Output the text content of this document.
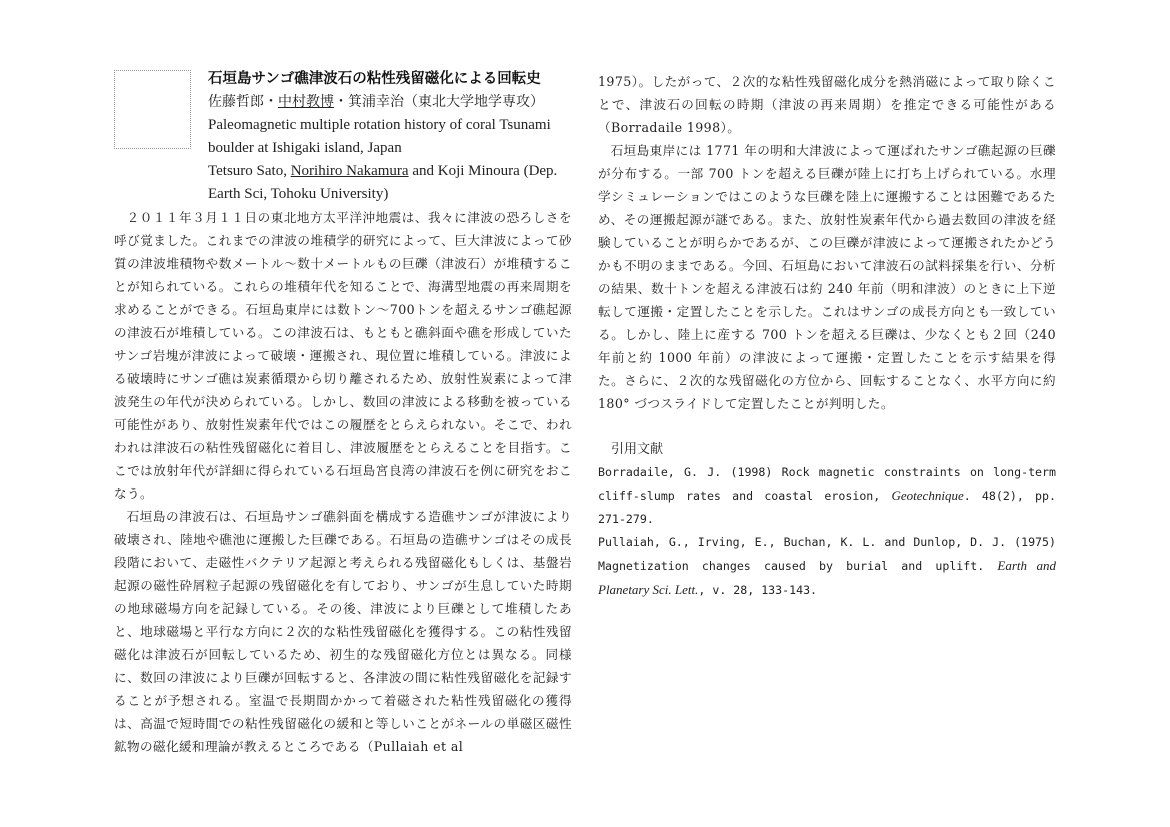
石垣島サンゴ礁津波石の粘性残留磁化による回転史

佐藤哲郎・中村教博・箕浦幸治（東北大学地学専攻）

Paleomagnetic multiple rotation history of coral Tsunami boulder at Ishigaki island, Japan

Tetsuro Sato, Norihiro Nakamura and Koji Minoura (Dep. Earth Sci, Tohoku University)

２０１１年３月１１日の東北地方太平洋沖地震は、我々に津波の恐ろしさを呼び覚ました。これまでの津波の堆積学的研究によって、巨大津波によって砂質の津波堆積物や数メートル〜数十メートルもの巨礫（津波石）が堆積することが知られている。これらの堆積年代を知ることで、海溝型地震の再来周期を求めることができる。石垣島東岸には数トン〜700トンを超えるサンゴ礁起源の津波石が堆積している。この津波石は、もともと礁斜面や礁を形成していたサンゴ岩塊が津波によって破壊・運搬され、現位置に堆積している。津波による破壊時にサンゴ礁は炭素循環から切り離されるため、放射性炭素によって津波発生の年代が決められている。しかし、数回の津波による移動を被っている可能性があり、放射性炭素年代ではこの履歴をとらえられない。そこで、われわれは津波石の粘性残留磁化に着目し、津波履歴をとらえることを目指す。ここでは放射年代が詳細に得られている石垣島宮良湾の津波石を例に研究をおこなう。

石垣島の津波石は、石垣島サンゴ礁斜面を構成する造礁サンゴが津波により破壊され、陸地や礁池に運搬した巨礫である。石垣島の造礁サンゴはその成長段階において、走磁性バクテリア起源と考えられる残留磁化もしくは、基盤岩起源の磁性砕屑粒子起源の残留磁化を有しており、サンゴが生息していた時期の地球磁場方向を記録している。その後、津波により巨礫として堆積したあと、地球磁場と平行な方向に２次的な粘性残留磁化を獲得する。この粘性残留磁化は津波石が回転しているため、初生的な残留磁化方位とは異なる。同様に、数回の津波により巨礫が回転すると、各津波の間に粘性残留磁化を記録することが予想される。室温で長期間かかって着磁された粘性残留磁化の獲得は、高温で短時間での粘性残留磁化の緩和と等しいことがネールの単磁区磁性鉱物の磁化緩和理論が教えるところである（Pullaiah et al

1975）。したがって、２次的な粘性残留磁化成分を熱消磁によって取り除くことで、津波石の回転の時期（津波の再来周期）を推定できる可能性がある（Borradaile 1998）。

石垣島東岸には 1771 年の明和大津波によって運ばれたサンゴ礁起源の巨礫が分布する。一部 700 トンを超える巨礫が陸上に打ち上げられている。水理学シミュレーションではこのような巨礫を陸上に運搬することは困難であるため、その運搬起源が謎である。また、放射性炭素年代から過去数回の津波を経験していることが明らかであるが、この巨礫が津波によって運搬されたかどうかも不明のままである。今回、石垣島において津波石の試料採集を行い、分析の結果、数十トンを超える津波石は約 240 年前（明和津波）のときに上下逆転して運搬・定置したことを示した。これはサンゴの成長方向とも一致している。しかし、陸上に産する 700 トンを超える巨礫は、少なくとも２回（240 年前と約 1000 年前）の津波によって運搬・定置したことを示す結果を得た。さらに、２次的な残留磁化の方位から、回転することなく、水平方向に約 180° づつスライドして定置したことが判明した。

引用文献

Borradaile, G. J. (1998) Rock magnetic constraints on long-term cliff-slump rates and coastal erosion, Geotechnique. 48(2), pp. 271-279.

Pullaiah, G., Irving, E., Buchan, K. L. and Dunlop, D. J. (1975) Magnetization changes caused by burial and uplift. Earth and Planetary Sci. Lett., v. 28, 133-143.
